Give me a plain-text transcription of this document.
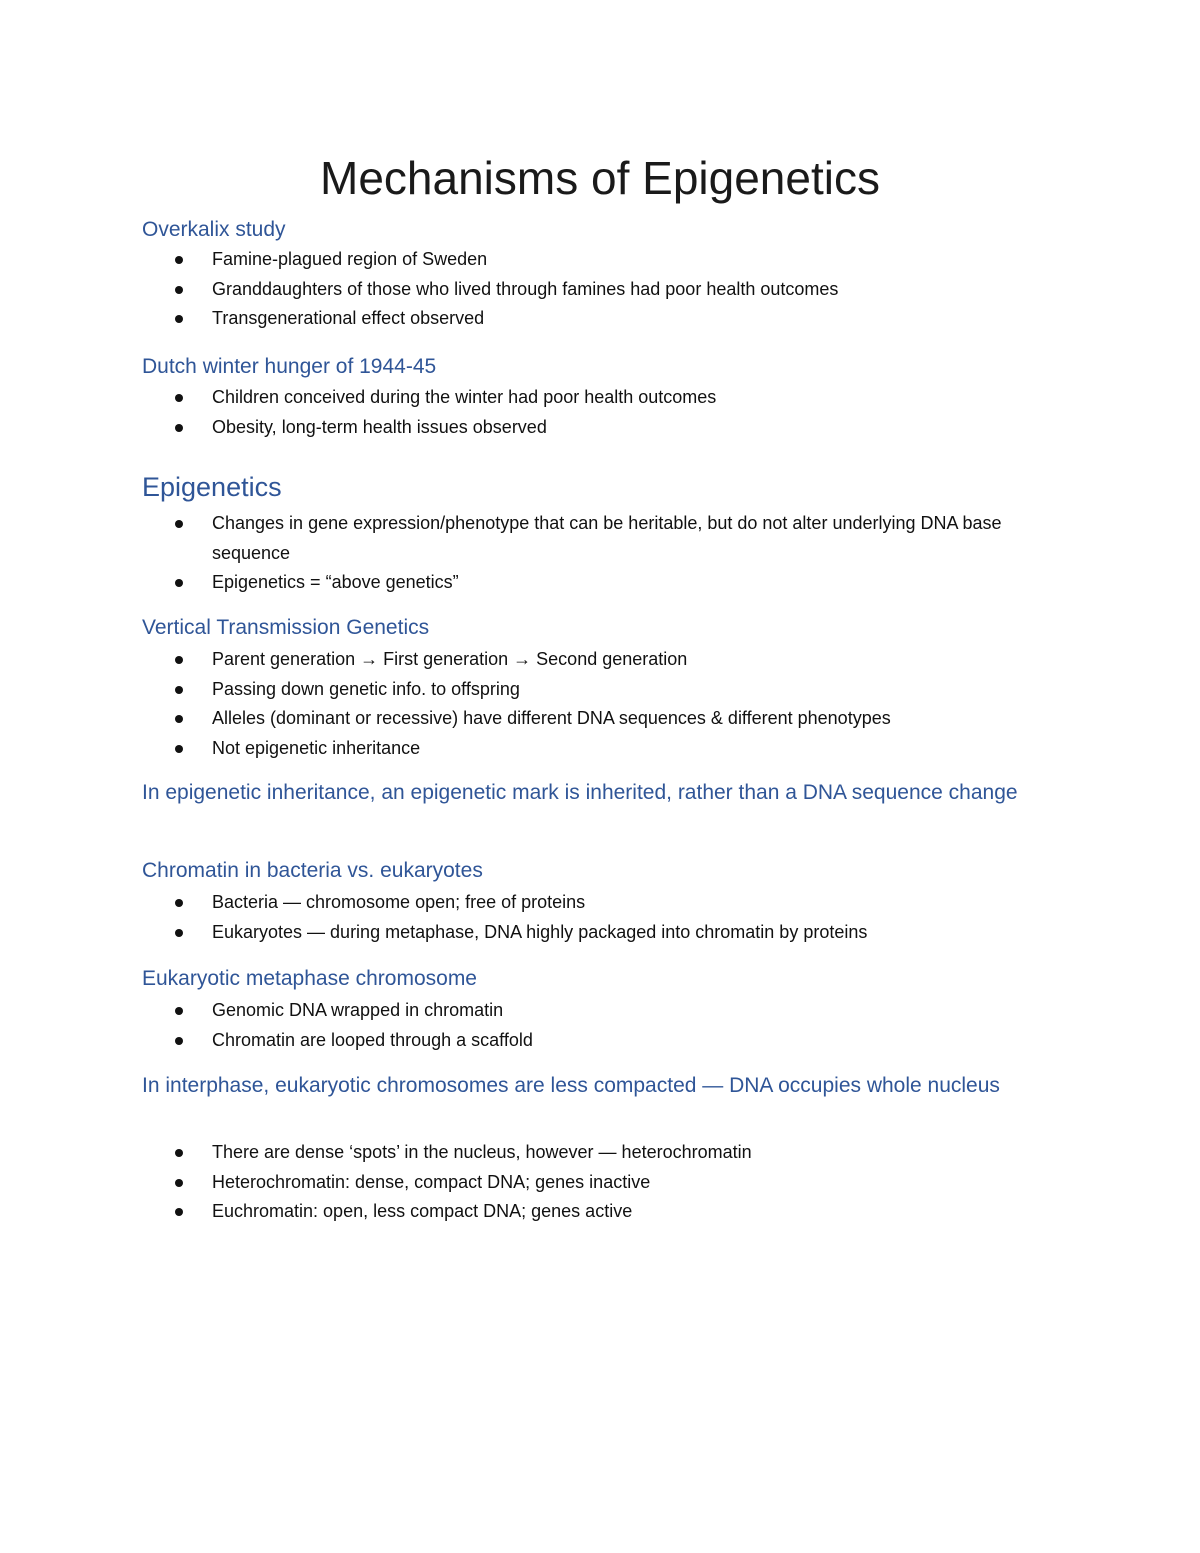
Mechanisms of Epigenetics
Overkalix study
Famine-plagued region of Sweden
Granddaughters of those who lived through famines had poor health outcomes
Transgenerational effect observed
Dutch winter hunger of 1944-45
Children conceived during the winter had poor health outcomes
Obesity, long-term health issues observed
Epigenetics
Changes in gene expression/phenotype that can be heritable, but do not alter underlying DNA base sequence
Epigenetics = “above genetics”
Vertical Transmission Genetics
Parent generation → First generation → Second generation
Passing down genetic info. to offspring
Alleles (dominant or recessive) have different DNA sequences & different phenotypes
Not epigenetic inheritance

In epigenetic inheritance, an epigenetic mark is inherited, rather than a DNA sequence change

Chromatin in bacteria vs. eukaryotes
Bacteria — chromosome open; free of proteins
Eukaryotes — during metaphase, DNA highly packaged into chromatin by proteins
Eukaryotic metaphase chromosome
Genomic DNA wrapped in chromatin
Chromatin are looped through a scaffold
In interphase, eukaryotic chromosomes are less compacted — DNA occupies whole nucleus
There are dense ‘spots’ in the nucleus, however — heterochromatin
Heterochromatin: dense, compact DNA; genes inactive
Euchromatin: open, less compact DNA; genes active
